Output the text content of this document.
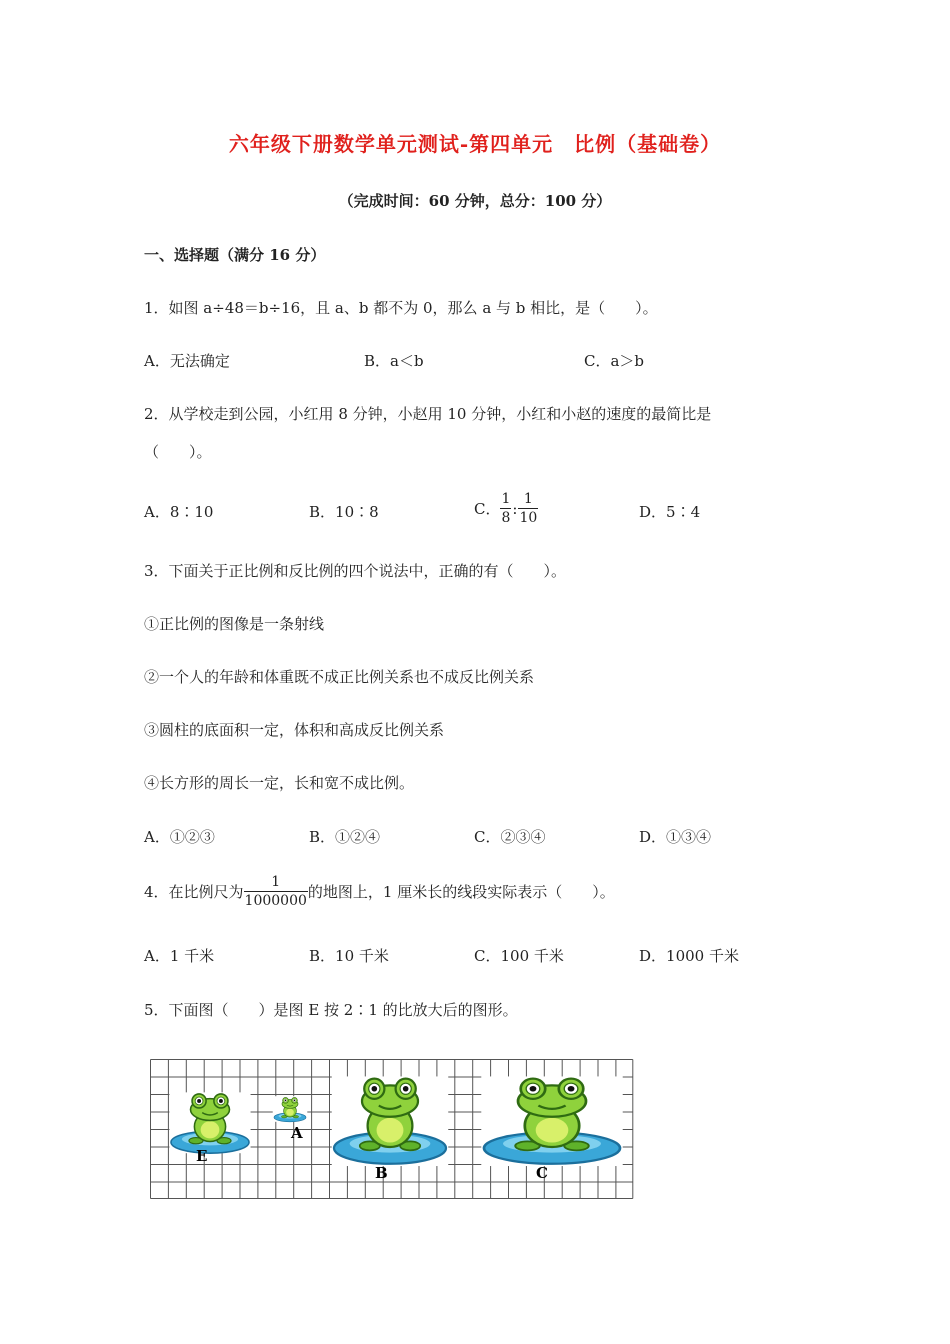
六年级下册数学单元测试-第四单元　比例（基础卷）
（完成时间：60 分钟，总分：100 分）
一、选择题（满分 16 分）
1．如图 a÷48＝b÷16，且 a、b 都不为 0，那么 a 与 b 相比，是（　　）。
A．无法确定	B．a＜b	C．a＞b
2．从学校走到公园，小红用 8 分钟，小赵用 10 分钟，小红和小赵的速度的最简比是
（　　）。
A．8∶10	B．10∶8	C． $\frac{1}{8}$ : $\frac{1}{10}$	D．5∶4
3．下面关于正比例和反比例的四个说法中，正确的有（　　）。
①正比例的图像是一条射线
②一个人的年龄和体重既不成正比例关系也不成反比例关系
③圆柱的底面积一定，体积和高成反比例关系
④长方形的周长一定，长和宽不成比例。
A．①②③	B．①②④	C．②③④	D．①③④
4．在比例尺为 $\frac{1}{1000000}$ 的地图上，1 厘米长的线段实际表示（　　）。
A．1 千米	B．10 千米	C．100 千米	D．1000 千米
5．下面图（　　）是图 E 按 2∶1 的比放大后的图形。
E
A
B	C
